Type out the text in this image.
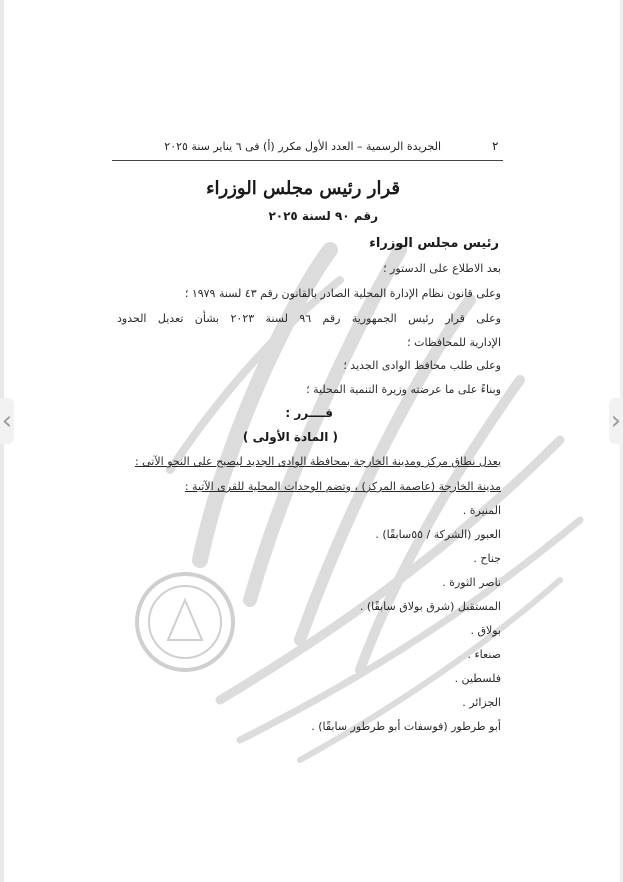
‹	›
٢
الجريدة الرسمية – العدد الأول مكرر (أ) فى ٦ يناير سنة ٢٠٢٥
قرار رئيس مجلس الوزراء
رقم ٩٠ لسنة ٢٠٢٥
رئيس مجلس الوزراء
بعد الاطلاع على الدستور ؛
وعلى قانون نظام الإدارة المحلية الصادر بالقانون رقم ٤٣ لسنة ١٩٧٩ ؛
وعلى قرار رئيس الجمهورية رقم ٩٦ لسنة ٢٠٢٣ بشأن تعديل الحدود
الإدارية للمحافظات ؛
وعلى طلب محافظ الوادى الجديد ؛
وبناءً على ما عرضته وزيرة التنمية المحلية ؛
قــــرر :
( المادة الأولى )
يعدل نطاق مركز ومدينة الخارجة بمحافظة الوادى الجديد ليصبح على النحو الآتى :
مدينة الخارجة (عاصمة المركز) ، وتضم الوحدات المحلية للقرى الآتية :
المنيرة .
العبور (الشركة / ٥٥سابقًا) .
جناح .
ناصر الثورة .
المستقبل (شرق بولاق سابقًا) .
بولاق .
صنعاء .
فلسطين .
الجزائر .
أبو طرطور (فوسفات أبو طرطور سابقًا) .
